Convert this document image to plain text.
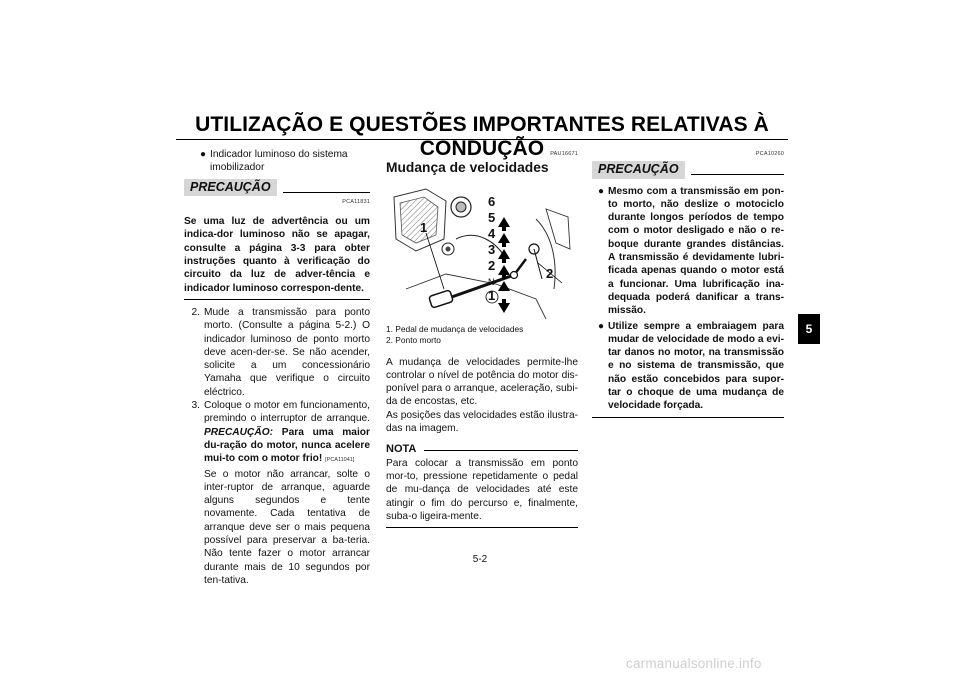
UTILIZAÇÃO E QUESTÕES IMPORTANTES RELATIVAS À CONDUÇÃO
● Indicador luminoso do sistema imobilizador
PRECAUÇÃO
PCA11831

Se uma luz de advertência ou um indica-dor luminoso não se apagar, consulte a página 3-3 para obter instruções quanto à verificação do circuito da luz de adver-tência e indicador luminoso correspon-dente.

2. Mude a transmissão para ponto morto. (Consulte a página 5-2.) O indicador luminoso de ponto morto deve acen-der-se. Se não acender, solicite a um concessionário Yamaha que verifique o circuito eléctrico.
3. Coloque o motor em funcionamento, premindo o interruptor de arranque. PRECAUÇÃO: Para uma maior du-ração do motor, nunca acelere mui-to com o motor frio! [PCA11041]
Se o motor não arrancar, solte o inter-ruptor de arranque, aguarde alguns segundos e tente novamente. Cada tentativa de arranque deve ser o mais pequena possível para preservar a ba-teria. Não tente fazer o motor arrancar durante mais de 10 segundos por ten-tativa.
PAU16671
Mudança de velocidades
1
2
6
5
4
3
2
N
1
1. Pedal de mudança de velocidades
2. Ponto morto

A mudança de velocidades permite-lhe controlar o nível de potência do motor dis-ponível para o arranque, aceleração, subi-da de encostas, etc.

As posições das velocidades estão ilustra-das na imagem.

NOTA

Para colocar a transmissão em ponto mor-to, pressione repetidamente o pedal de mu-dança de velocidades até este atingir o fim do percurso e, finalmente, suba-o ligeira-mente.

PCA10260
PRECAUÇÃO
● Mesmo com a transmissão em pon-to morto, não deslize o motociclo durante longos períodos de tempo com o motor desligado e não o re-boque durante grandes distâncias. A transmissão é devidamente lubri-ficada apenas quando o motor está a funcionar. Uma lubrificação ina-dequada poderá danificar a trans-missão.
● Utilize sempre a embraiagem para mudar de velocidade de modo a evi-tar danos no motor, na transmissão e no sistema de transmissão, que não estão concebidos para supor-tar o choque de uma mudança de velocidade forçada.
5
5-2
carmanualsonline.info
